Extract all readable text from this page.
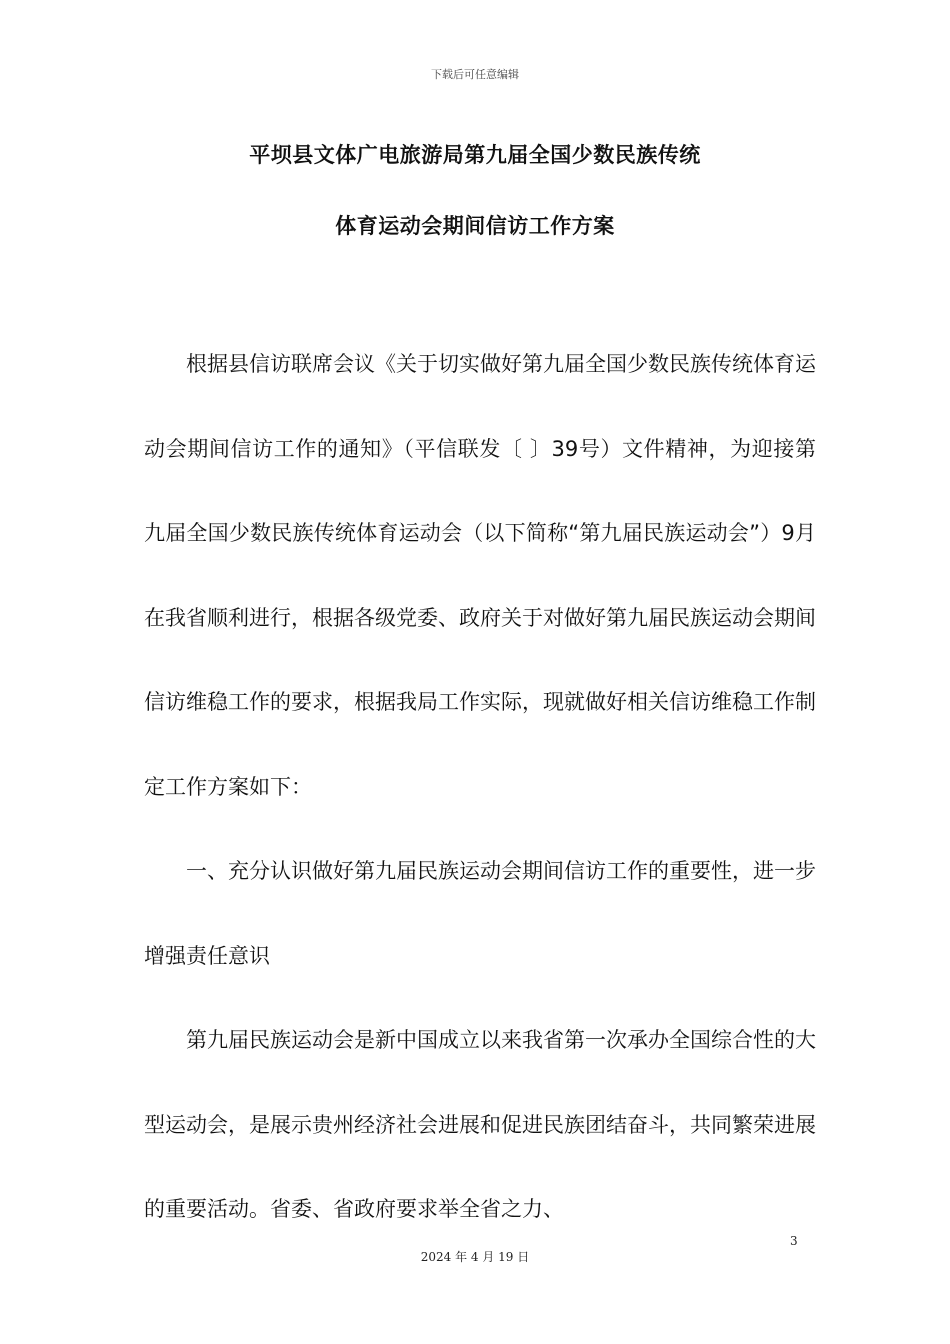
下载后可任意编辑
平坝县文体广电旅游局第九届全国少数民族传统
体育运动会期间信访工作方案

根据县信访联席会议《关于切实做好第九届全国少数民族传统体育运动会期间信访工作的通知》（平信联发〔 〕39号）文件精神，为迎接第九届全国少数民族传统体育运动会（以下简称“第九届民族运动会”）9月在我省顺利进行，根据各级党委、政府关于对做好第九届民族运动会期间信访维稳工作的要求，根据我局工作实际，现就做好相关信访维稳工作制定工作方案如下：

一、充分认识做好第九届民族运动会期间信访工作的重要性，进一步增强责任意识

第九届民族运动会是新中国成立以来我省第一次承办全国综合性的大型运动会，是展示贵州经济社会进展和促进民族团结奋斗，共同繁荣进展的重要活动。省委、省政府要求举全省之力、

3
2024 年 4 月 19 日
